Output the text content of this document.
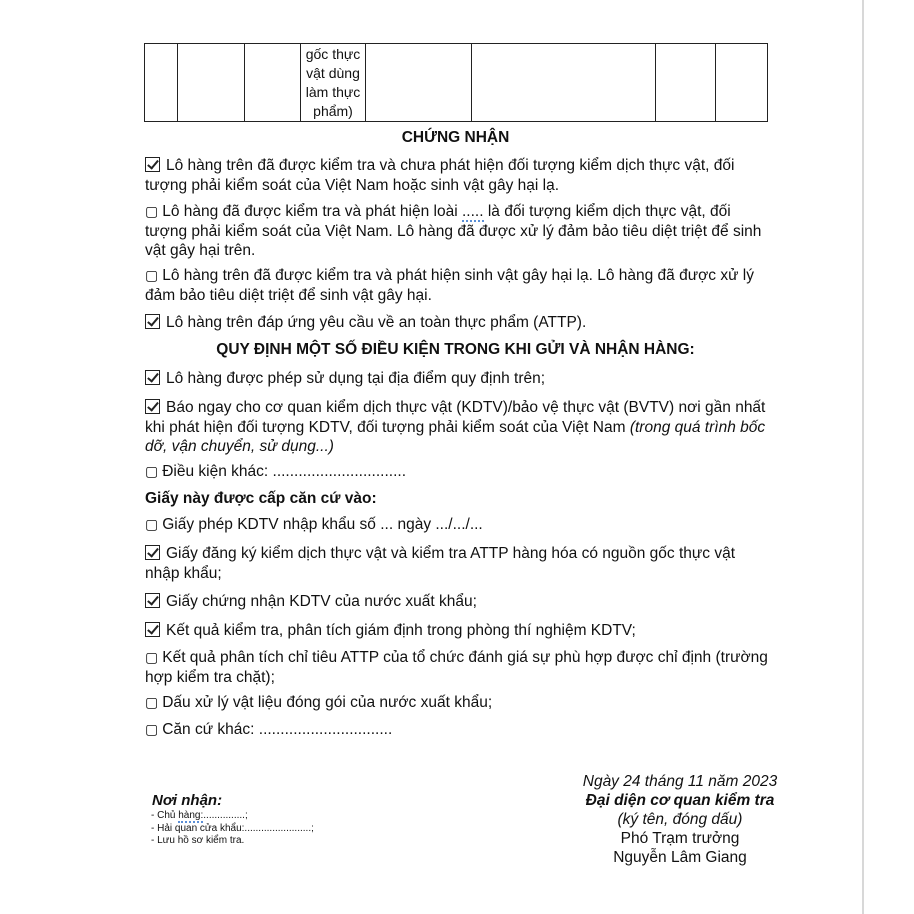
gốc thực
vật dùng
làm thực
phẩm)

CHỨNG NHẬN
Lô hàng trên đã được kiểm tra và chưa phát hiện đối tượng kiểm dịch thực vật, đối tượng phải kiểm soát của Việt Nam hoặc sinh vật gây hại lạ.
▢ Lô hàng đã được kiểm tra và phát hiện loài ..... là đối tượng kiểm dịch thực vật, đối tượng phải kiểm soát của Việt Nam. Lô hàng đã được xử lý đảm bảo tiêu diệt triệt để sinh vật gây hại trên.
▢ Lô hàng trên đã được kiểm tra và phát hiện sinh vật gây hại lạ. Lô hàng đã được xử lý đảm bảo tiêu diệt triệt để sinh vật gây hại.
Lô hàng trên đáp ứng yêu cầu về an toàn thực phẩm (ATTP).
QUY ĐỊNH MỘT SỐ ĐIỀU KIỆN TRONG KHI GỬI VÀ NHẬN HÀNG:
Lô hàng được phép sử dụng tại địa điểm quy định trên;
Báo ngay cho cơ quan kiểm dịch thực vật (KDTV)/bảo vệ thực vật (BVTV) nơi gần nhất khi phát hiện đối tượng KDTV, đối tượng phải kiểm soát của Việt Nam (trong quá trình bốc dỡ, vận chuyển, sử dụng...)
▢ Điều kiện khác: ...............................
Giấy này được cấp căn cứ vào:
▢ Giấy phép KDTV nhập khẩu số ... ngày .../.../...
Giấy đăng ký kiểm dịch thực vật và kiểm tra ATTP hàng hóa có nguồn gốc thực vật nhập khẩu;
Giấy chứng nhận KDTV của nước xuất khẩu;
Kết quả kiểm tra, phân tích giám định trong phòng thí nghiệm KDTV;
▢ Kết quả phân tích chỉ tiêu ATTP của tổ chức đánh giá sự phù hợp được chỉ định (trường hợp kiểm tra chặt);
▢ Dấu xử lý vật liệu đóng gói của nước xuất khẩu;
▢ Căn cứ khác: ...............................
Nơi nhận:
- Chủ hàng:...............;
- Hải quan cửa khẩu:........................;
- Lưu hồ sơ kiểm tra.
Ngày 24 tháng 11 năm 2023
Đại diện cơ quan kiểm tra
(ký tên, đóng dấu)
Phó Trạm trưởng
Nguyễn Lâm Giang
